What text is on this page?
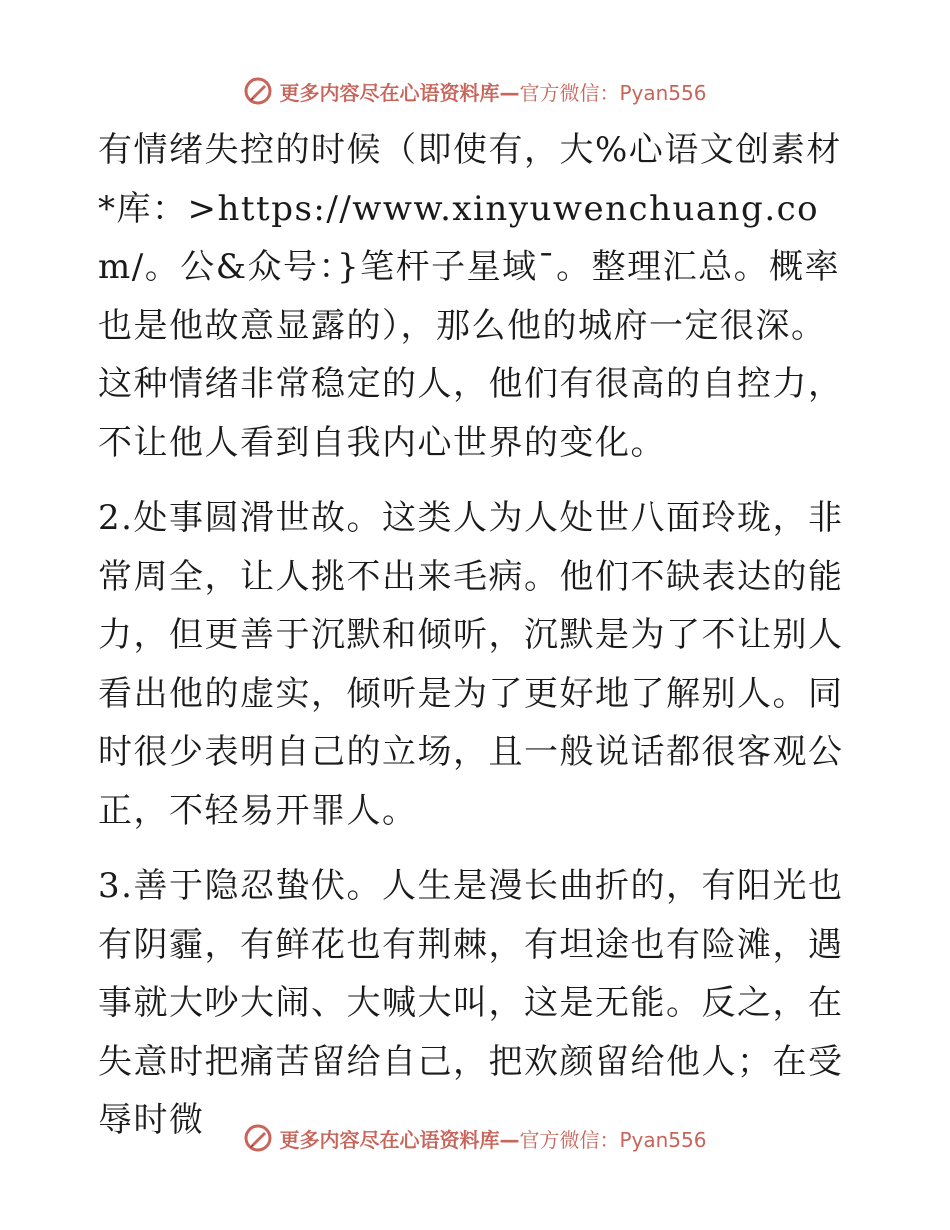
更多内容尽在心语资料库—官方微信：Pyan556

有情绪失控的时候（即使有，大%心语文创素材*库：>https://www.xinyuwenchuang.com/。公&众号：}笔杆子星域¯。整理汇总。概率也是他故意显露的），那么他的城府一定很深。这种情绪非常稳定的人，他们有很高的自控力，不让他人看到自我内心世界的变化。

2.处事圆滑世故。这类人为人处世八面玲珑，非常周全，让人挑不出来毛病。他们不缺表达的能力，但更善于沉默和倾听，沉默是为了不让别人看出他的虚实，倾听是为了更好地了解别人。同时很少表明自己的立场，且一般说话都很客观公正，不轻易开罪人。

3.善于隐忍蛰伏。人生是漫长曲折的，有阳光也有阴霾，有鲜花也有荆棘，有坦途也有险滩，遇事就大吵大闹、大喊大叫，这是无能。反之，在失意时把痛苦留给自己，把欢颜留给他人；在受辱时微	更多内容尽在心语资料库—官方微信：Pyan556
